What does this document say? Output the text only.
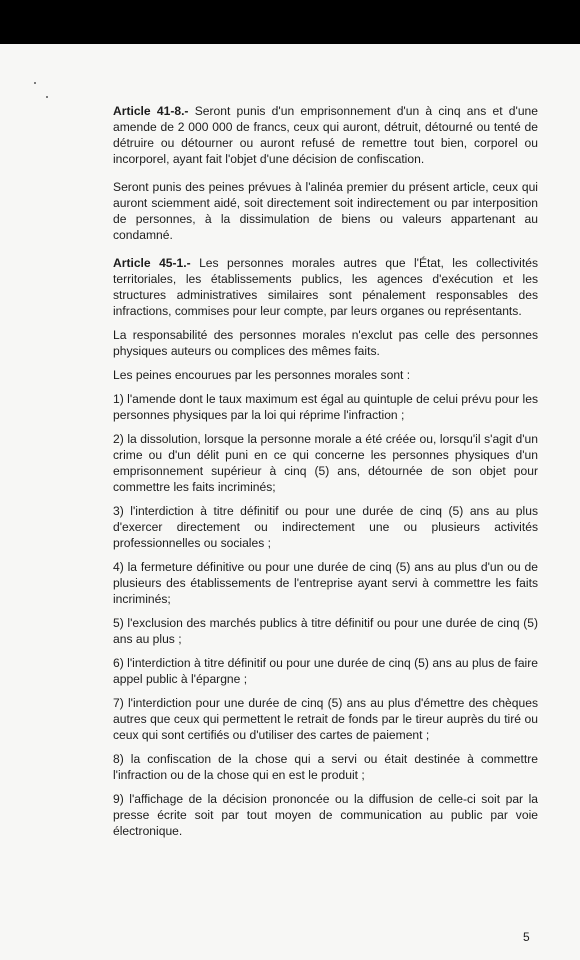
Article 41-8.- Seront punis d'un emprisonnement d'un à cinq ans et d'une amende de 2 000 000 de francs, ceux qui auront, détruit, détourné ou tenté de détruire ou détourner ou auront refusé de remettre tout bien, corporel ou incorporel, ayant fait l'objet d'une décision de confiscation.

Seront punis des peines prévues à l'alinéa premier du présent article, ceux qui auront sciemment aidé, soit directement soit indirectement ou par interposition de personnes, à la dissimulation de biens ou valeurs appartenant au condamné.

Article 45-1.- Les personnes morales autres que l'État, les collectivités territoriales, les établissements publics, les agences d'exécution et les structures administratives similaires sont pénalement responsables des infractions, commises pour leur compte, par leurs organes ou représentants.

La responsabilité des personnes morales n'exclut pas celle des personnes physiques auteurs ou complices des mêmes faits.

Les peines encourues par les personnes morales sont :

1) l'amende dont le taux maximum est égal au quintuple de celui prévu pour les personnes physiques par la loi qui réprime l'infraction ;

2) la dissolution, lorsque la personne morale a été créée ou, lorsqu'il s'agit d'un crime ou d'un délit puni en ce qui concerne les personnes physiques d'un emprisonnement supérieur à cinq (5) ans, détournée de son objet pour commettre les faits incriminés;

3) l'interdiction à titre définitif ou pour une durée de cinq (5) ans au plus d'exercer directement ou indirectement une ou plusieurs activités professionnelles ou sociales ;

4) la fermeture définitive ou pour une durée de cinq (5) ans au plus d'un ou de plusieurs des établissements de l'entreprise ayant servi à commettre les faits incriminés;

5) l'exclusion des marchés publics à titre définitif ou pour une durée de cinq (5) ans au plus ;

6) l'interdiction à titre définitif ou pour une durée de cinq (5) ans au plus de faire appel public à l'épargne ;

7) l'interdiction pour une durée de cinq (5) ans au plus d'émettre des chèques autres que ceux qui permettent le retrait de fonds par le tireur auprès du tiré ou ceux qui sont certifiés ou d'utiliser des cartes de paiement ;

8) la confiscation de la chose qui a servi ou était destinée à commettre l'infraction ou de la chose qui en est le produit ;

9) l'affichage de la décision prononcée ou la diffusion de celle-ci soit par la presse écrite soit par tout moyen de communication au public par voie électronique.

5
